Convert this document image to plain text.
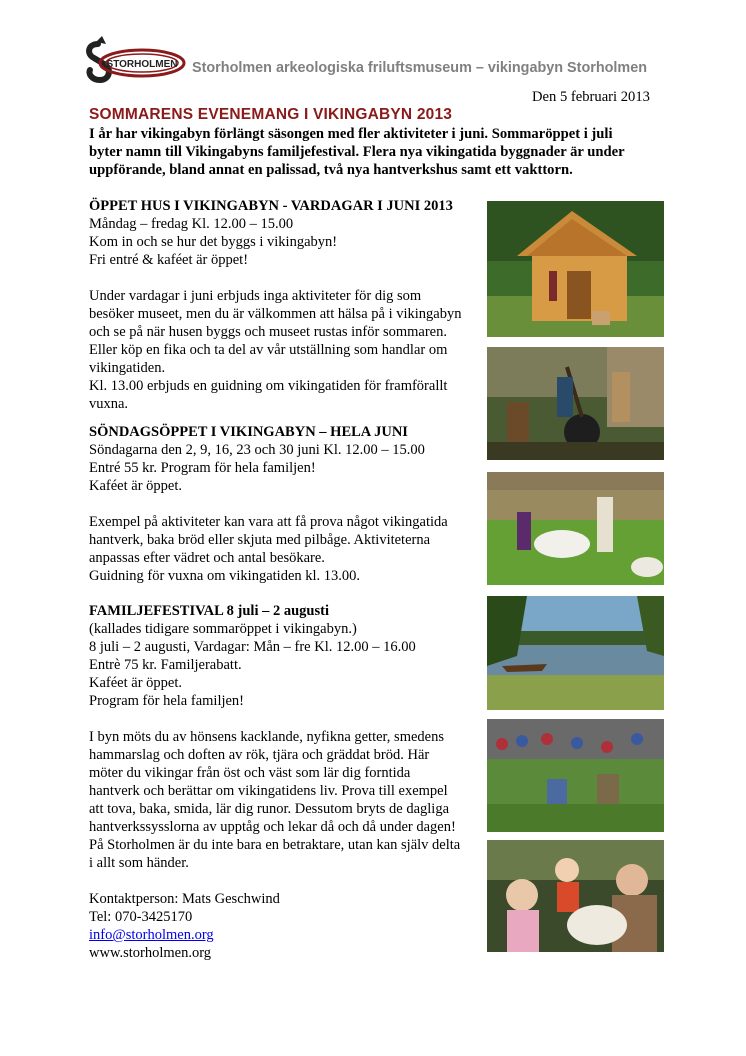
STORHOLMEN Storholmen arkeologiska friluftsmuseum – vikingabyn Storholmen
Den 5 februari 2013
SOMMARENS EVENEMANG I VIKINGABYN 2013
I år har vikingabyn förlängt säsongen med fler aktiviteter i juni. Sommaröppet i juli
byter namn till Vikingabyns familjefestival. Flera nya vikingatida byggnader är under
uppförande, bland annat en palissad, två nya hantverkshus samt ett vakttorn.
ÖPPET HUS I VIKINGABYN - VARDAGAR I JUNI 2013
Måndag – fredag Kl. 12.00 – 15.00
Kom in och se hur det byggs i vikingabyn!
Fri entré & kaféet är öppet!
Under vardagar i juni erbjuds inga aktiviteter för dig som
besöker museet, men du är välkommen att hälsa på i vikingabyn
och se på när husen byggs och museet rustas inför sommaren.
Eller köp en fika och ta del av vår utställning som handlar om
vikingatiden.
Kl. 13.00 erbjuds en guidning om vikingatiden för framförallt
vuxna.
SÖNDAGSÖPPET I VIKINGABYN – HELA JUNI
Söndagarna den 2, 9, 16, 23 och 30 juni Kl. 12.00 – 15.00
Entré 55 kr. Program för hela familjen!
Kaféet är öppet.
Exempel på aktiviteter kan vara att få prova något vikingatida
hantverk, baka bröd eller skjuta med pilbåge. Aktiviteterna
anpassas efter vädret och antal besökare.
Guidning för vuxna om vikingatiden kl. 13.00.
FAMILJEFESTIVAL 8 juli – 2 augusti
(kallades tidigare sommaröppet i vikingabyn.)
8 juli – 2 augusti, Vardagar: Mån – fre Kl. 12.00 – 16.00
Entrè 75 kr. Familjerabatt.
Kaféet är öppet.
Program för hela familjen!
I byn möts du av hönsens kacklande, nyfikna getter, smedens
hammarslag och doften av rök, tjära och gräddat bröd. Här
möter du vikingar från öst och väst som lär dig forntida
hantverk och berättar om vikingatidens liv. Prova till exempel
att tova, baka, smida, lär dig runor. Dessutom bryts de dagliga
hantverkssysslorna av upptåg och lekar då och då under dagen!
På Storholmen är du inte bara en betraktare, utan kan själv delta
i allt som händer.
Kontaktperson: Mats Geschwind
Tel: 070-3425170
info@storholmen.org
www.storholmen.org
